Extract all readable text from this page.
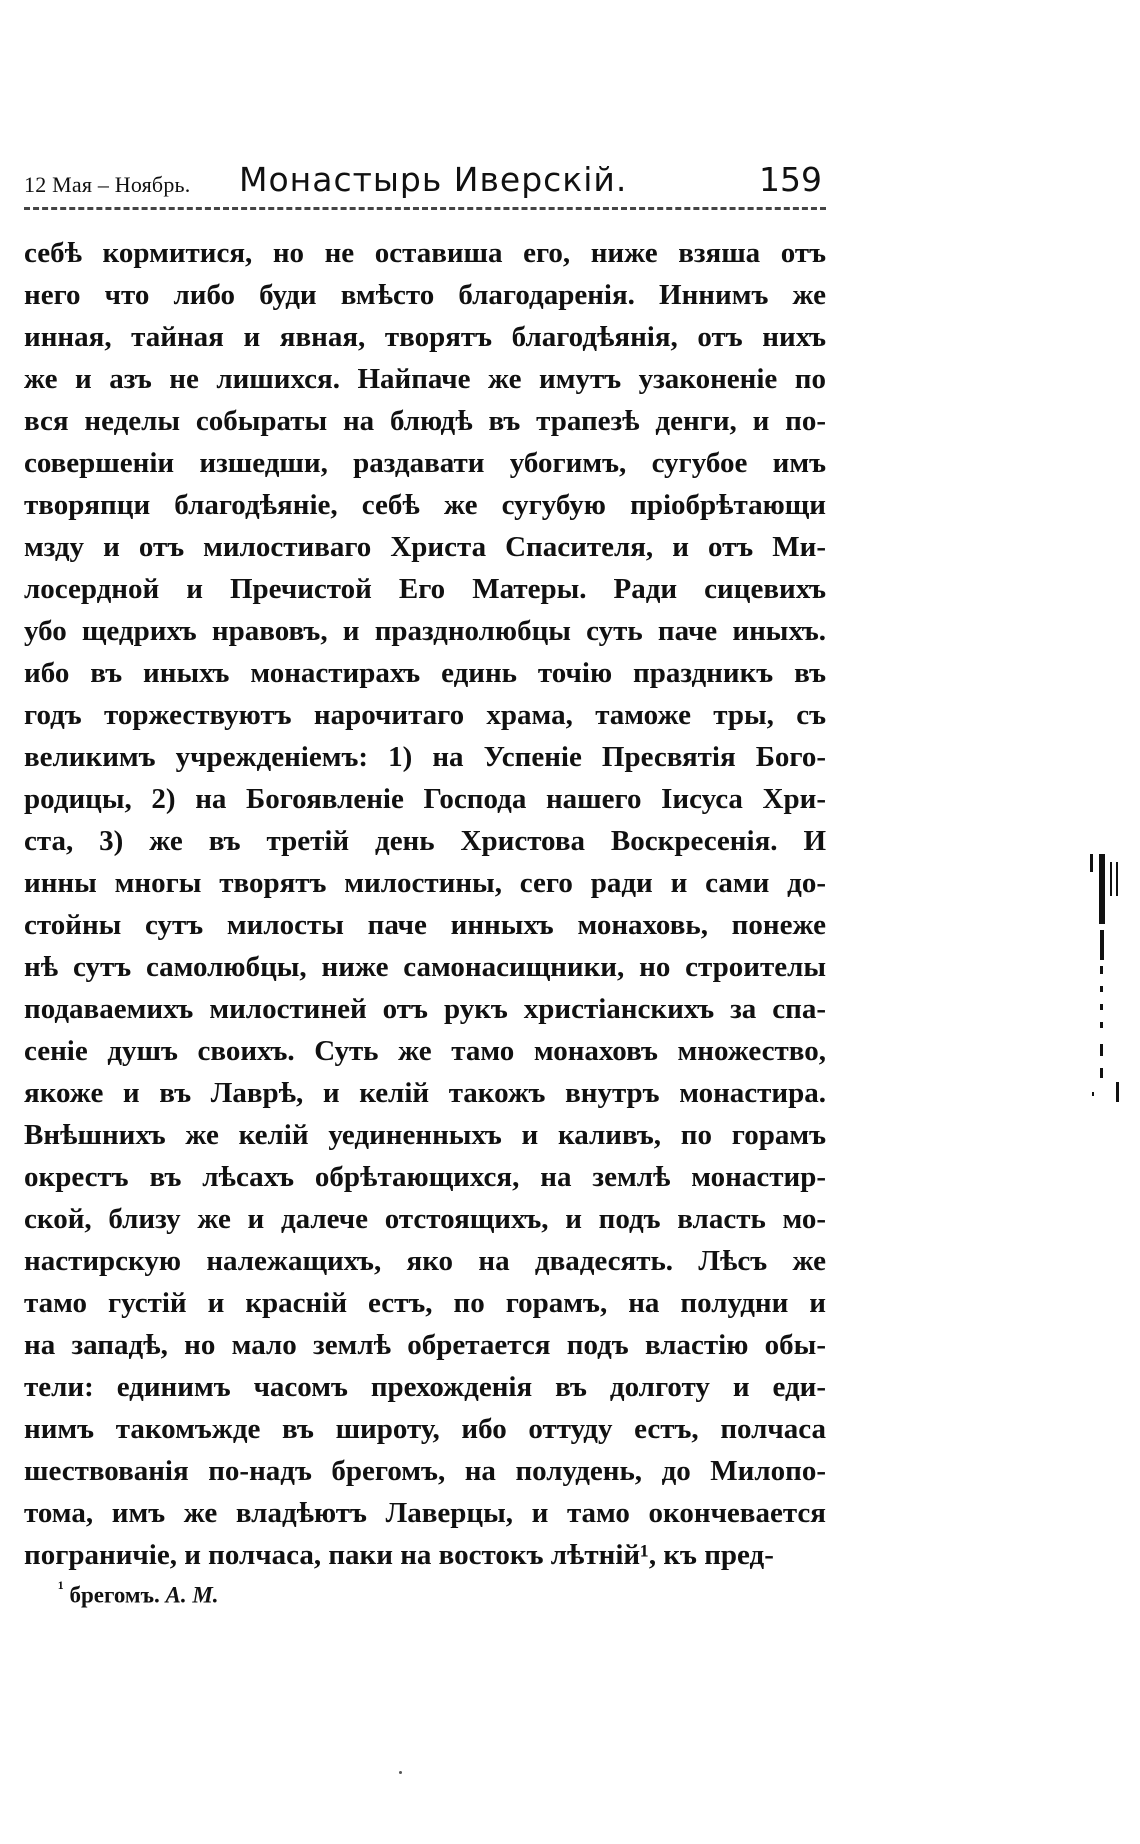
12 Мая – Ноябрь. Монастырь Иверскій.	159
себѣ кормитися, но не оставиша его, ниже взяша отъ
него что либо буди вмѣсто благодаренія. Иннимъ же
инная, тайная и явная, творятъ благодѣянія, отъ нихъ
же и азъ не лишихся. Найпаче же имутъ узаконеніе по
вся неделы собыраты на блюдѣ въ трапезѣ денги, и по-
совершеніи изшедши, раздавати убогимъ, сугубое имъ
творяпци благодѣяніе, себѣ же сугубую пріобрѣтающи
мзду и отъ милостиваго Христа Спасителя, и отъ Ми-
лосердной и Пречистой Его Матеры. Ради сицевихъ
убо щедрихъ нравовъ, и празднолюбцы суть паче иныхъ.
ибо въ иныхъ монастирахъ единь точію праздникъ въ
годъ торжествуютъ нарочитаго храма, таможе тры, съ
великимъ учрежденіемъ: 1) на Успеніе Пресвятія Бого-
родицы, 2) на Богоявленіе Господа нашего Іисуса Хри-
ста, 3) же въ третій день Христова Воскресенія. И
инны многы творятъ милостины, сего ради и сами до-
стойны сутъ милосты паче инныхъ монаховь, понеже
нѣ сутъ самолюбцы, ниже самонасищники, но строителы
подаваемихъ милостиней отъ рукъ христіанскихъ за спа-
сеніе душъ своихъ. Суть же тамо монаховъ множество,
якоже и въ Лаврѣ, и келій такожъ внутръ монастира.
Внѣшнихъ же келій уединенныхъ и каливъ, по горамъ
окрестъ въ лѣсахъ обрѣтающихся, на землѣ монастир-
ской, близу же и далече отстоящихъ, и подъ власть мо-
настирскую належащихъ, яко на двадесять. Лѣсъ же
тамо густій и красній естъ, по горамъ, на полудни и
на западѣ, но мало землѣ обретается подъ властію обы-
тели: единимъ часомъ прехожденія въ долготу и еди-
нимъ такомъжде въ широту, ибо оттуду естъ, полчаса
шествованія по-надъ брегомъ, на полудень, до Милопо-
тома, имъ же владѣютъ Лаверцы, и тамо окончевается
пограничіе, и полчаса, паки на востокъ лѣтній¹, къ пред-
$^{^1}$ брегомъ. А. М.
